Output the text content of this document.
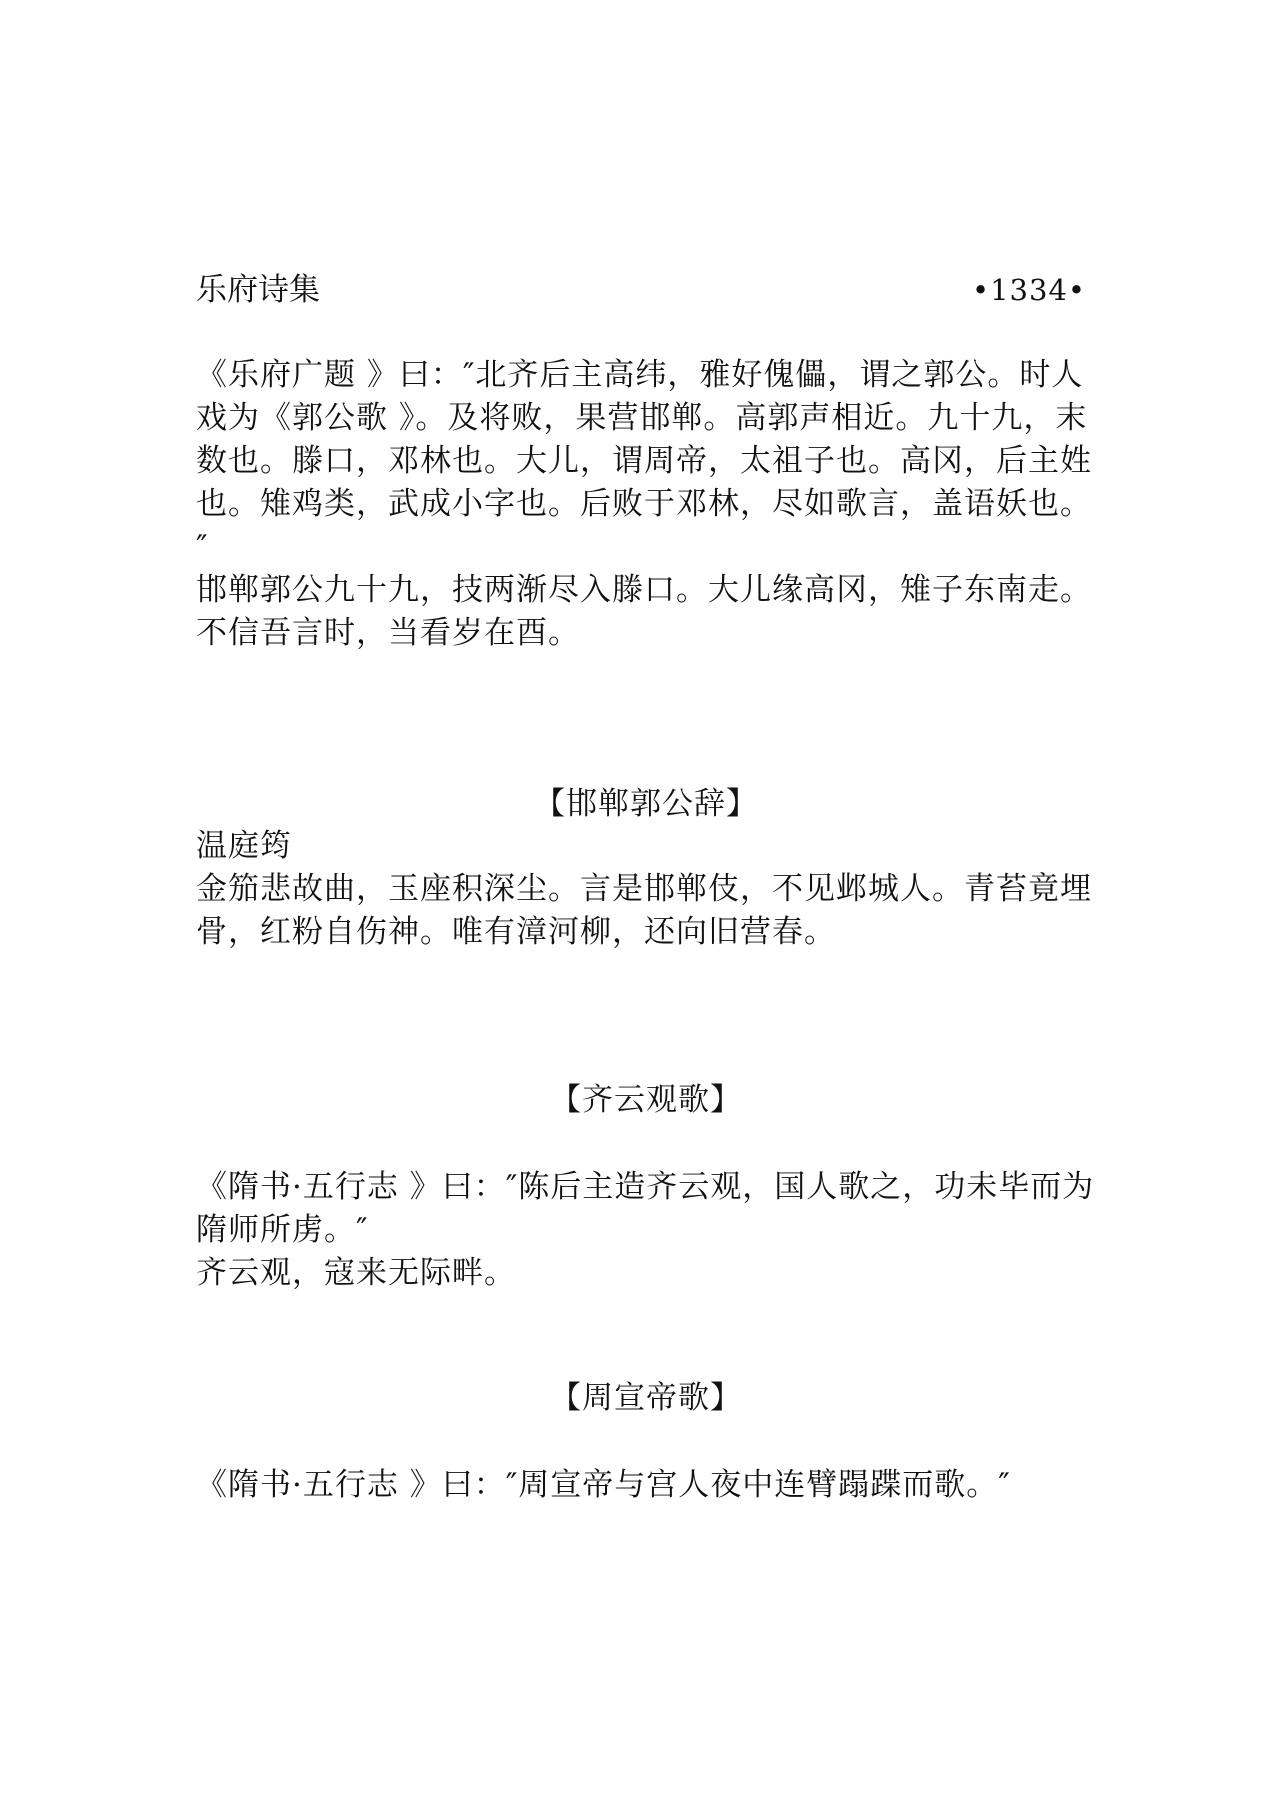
乐府诗集	•1334•

《乐府广题 》曰：″北齐后主高纬，雅好傀儡，谓之郭公。时人戏为《郭公歌 》。及将败，果营邯郸。高郭声相近。九十九，末数也。滕口，邓林也。大儿，谓周帝，太祖子也。高冈，后主姓也。雉鸡类，武成小字也。后败于邓林，尽如歌言，盖语妖也。″

邯郸郭公九十九，技两渐尽入滕口。大儿缘高冈，雉子东南走。

不信吾言时，当看岁在酉。

【邯郸郭公辞】

温庭筠

金笳悲故曲，玉座积深尘。言是邯郸伎，不见邺城人。青苔竟埋骨，红粉自伤神。唯有漳河柳，还向旧营春。

【齐云观歌】

《隋书·五行志 》曰：″陈后主造齐云观，国人歌之，功未毕而为隋师所虏。″

齐云观，寇来无际畔。

【周宣帝歌】

《隋书·五行志 》曰：″周宣帝与宫人夜中连臂蹋蹀而歌。″
